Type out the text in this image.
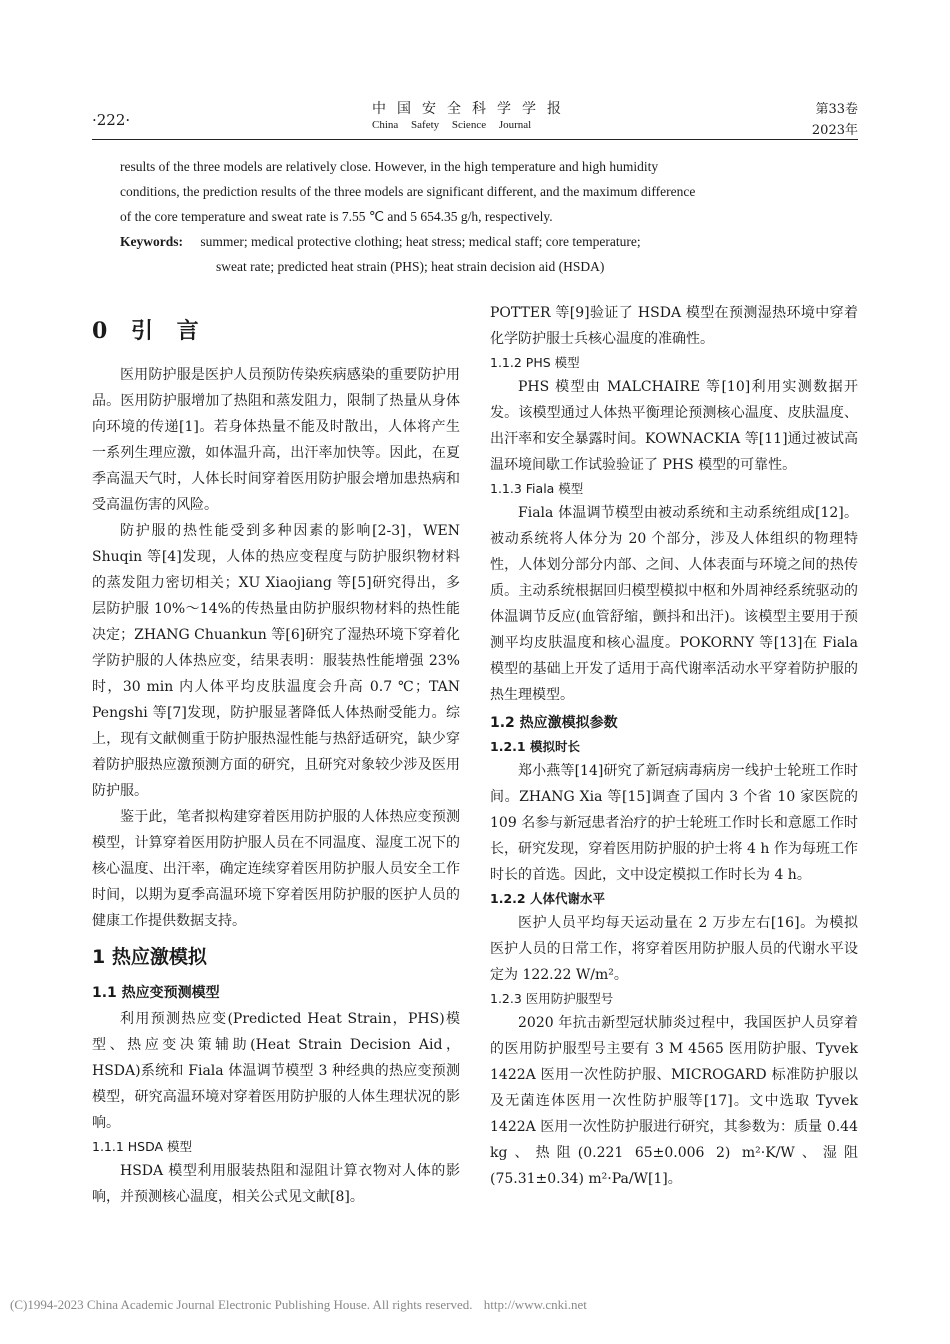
·222·
中国安全科学学报
China Safety Science Journal
第33卷
2023年
results of the three models are relatively close. However, in the high temperature and high humidity
conditions, the prediction results of the three models are significant different, and the maximum difference
of the core temperature and sweat rate is 7.55 ℃ and 5 654.35 g/h, respectively.
Keywords: summer; medical protective clothing; heat stress; medical staff; core temperature;
sweat rate; predicted heat strain (PHS); heat strain decision aid (HSDA)
0 引 言

医用防护服是医护人员预防传染疾病感染的重要防护用品。医用防护服增加了热阻和蒸发阻力，限制了热量从身体向环境的传递[1]。若身体热量不能及时散出，人体将产生一系列生理应激，如体温升高，出汗率加快等。因此，在夏季高温天气时，人体长时间穿着医用防护服会增加患热病和受高温伤害的风险。

防护服的热性能受到多种因素的影响[2-3]，WEN Shuqin 等[4]发现，人体的热应变程度与防护服织物材料的蒸发阻力密切相关；XU Xiaojiang 等[5]研究得出，多层防护服 10%～14%的传热量由防护服织物材料的热性能决定；ZHANG Chuankun 等[6]研究了湿热环境下穿着化学防护服的人体热应变，结果表明：服装热性能增强 23%时，30 min 内人体平均皮肤温度会升高 0.7 ℃；TAN Pengshi 等[7]发现，防护服显著降低人体热耐受能力。综上，现有文献侧重于防护服热湿性能与热舒适研究，缺少穿着防护服热应激预测方面的研究，且研究对象较少涉及医用防护服。

鉴于此，笔者拟构建穿着医用防护服的人体热应变预测模型，计算穿着医用防护服人员在不同温度、湿度工况下的核心温度、出汗率，确定连续穿着医用防护服人员安全工作时间，以期为夏季高温环境下穿着医用防护服的医护人员的健康工作提供数据支持。

1 热应激模拟
1.1 热应变预测模型

利用预测热应变(Predicted Heat Strain，PHS)模型、热应变决策辅助(Heat Strain Decision Aid，HSDA)系统和 Fiala 体温调节模型 3 种经典的热应变预测模型，研究高温环境对穿着医用防护服的人体生理状况的影响。

1.1.1 HSDA 模型

HSDA 模型利用服装热阻和湿阻计算衣物对人体的影响，并预测核心温度，相关公式见文献[8]。

POTTER 等[9]验证了 HSDA 模型在预测湿热环境中穿着化学防护服士兵核心温度的准确性。

1.1.2 PHS 模型

PHS 模型由 MALCHAIRE 等[10]利用实测数据开发。该模型通过人体热平衡理论预测核心温度、皮肤温度、出汗率和安全暴露时间。KOWNACKIA 等[11]通过被试高温环境间歇工作试验验证了 PHS 模型的可靠性。

1.1.3 Fiala 模型

Fiala 体温调节模型由被动系统和主动系统组成[12]。被动系统将人体分为 20 个部分，涉及人体组织的物理特性，人体划分部分内部、之间、人体表面与环境之间的热传质。主动系统根据回归模型模拟中枢和外周神经系统驱动的体温调节反应(血管舒缩，颤抖和出汗)。该模型主要用于预测平均皮肤温度和核心温度。POKORNY 等[13]在 Fiala 模型的基础上开发了适用于高代谢率活动水平穿着防护服的热生理模型。

1.2 热应激模拟参数
1.2.1 模拟时长

郑小燕等[14]研究了新冠病毒病房一线护士轮班工作时间。ZHANG Xia 等[15]调查了国内 3 个省 10 家医院的 109 名参与新冠患者治疗的护士轮班工作时长和意愿工作时长，研究发现，穿着医用防护服的护士将 4 h 作为每班工作时长的首选。因此，文中设定模拟工作时长为 4 h。

1.2.2 人体代谢水平

医护人员平均每天运动量在 2 万步左右[16]。为模拟医护人员的日常工作，将穿着医用防护服人员的代谢水平设定为 122.22 W/m²。

1.2.3 医用防护服型号

2020 年抗击新型冠状肺炎过程中，我国医护人员穿着的医用防护服型号主要有 3 M 4565 医用防护服、Tyvek 1422A 医用一次性防护服、MICROGARD 标准防护服以及无菌连体医用一次性防护服等[17]。文中选取 Tyvek 1422A 医用一次性防护服进行研究，其参数为：质量 0.44 kg、热阻(0.221 65±0.006 2) m²·K/W、湿阻(75.31±0.34) m²·Pa/W[1]。

(C)1994-2023 China Academic Journal Electronic Publishing House. All rights reserved. http://www.cnki.net
